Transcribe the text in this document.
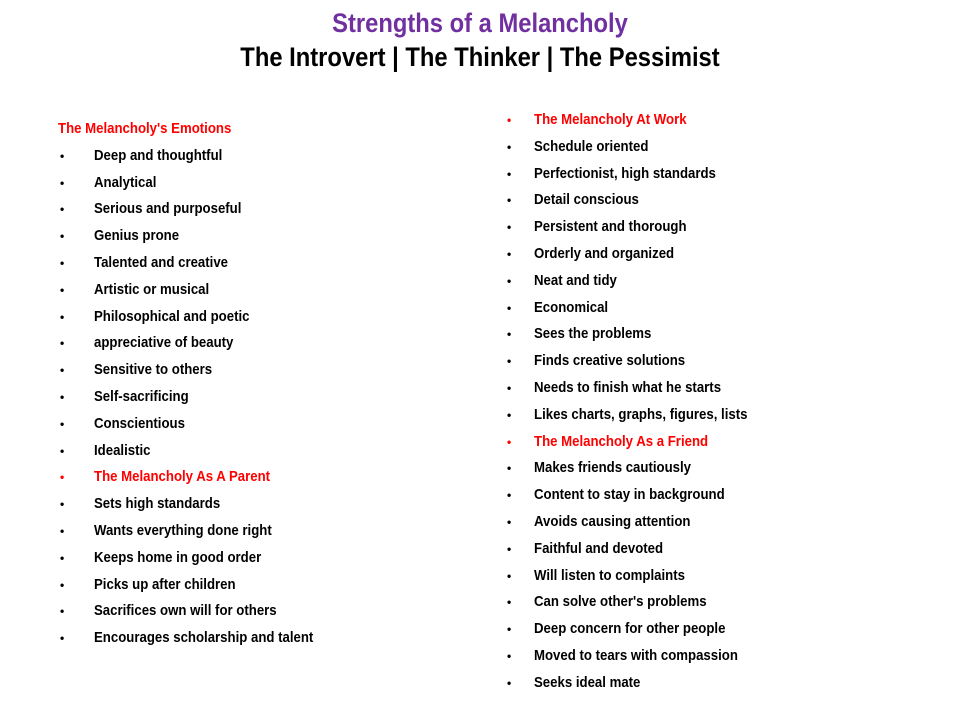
Strengths of a Melancholy
The Introvert | The Thinker | The Pessimist
The Melancholy's Emotions
• Deep and thoughtful
• Analytical
• Serious and purposeful
• Genius prone
• Talented and creative
• Artistic or musical
• Philosophical and poetic
• appreciative of beauty
• Sensitive to others
• Self-sacrificing
• Conscientious
• Idealistic
• The Melancholy As A Parent
• Sets high standards
• Wants everything done right
• Keeps home in good order
• Picks up after children
• Sacrifices own will for others
• Encourages scholarship and talent
• The Melancholy At Work
• Schedule oriented
• Perfectionist, high standards
• Detail conscious
• Persistent and thorough
• Orderly and organized
• Neat and tidy
• Economical
• Sees the problems
• Finds creative solutions
• Needs to finish what he starts
• Likes charts, graphs, figures, lists
• The Melancholy As a Friend
• Makes friends cautiously
• Content to stay in background
• Avoids causing attention
• Faithful and devoted
• Will listen to complaints
• Can solve other's problems
• Deep concern for other people
• Moved to tears with compassion
• Seeks ideal mate
